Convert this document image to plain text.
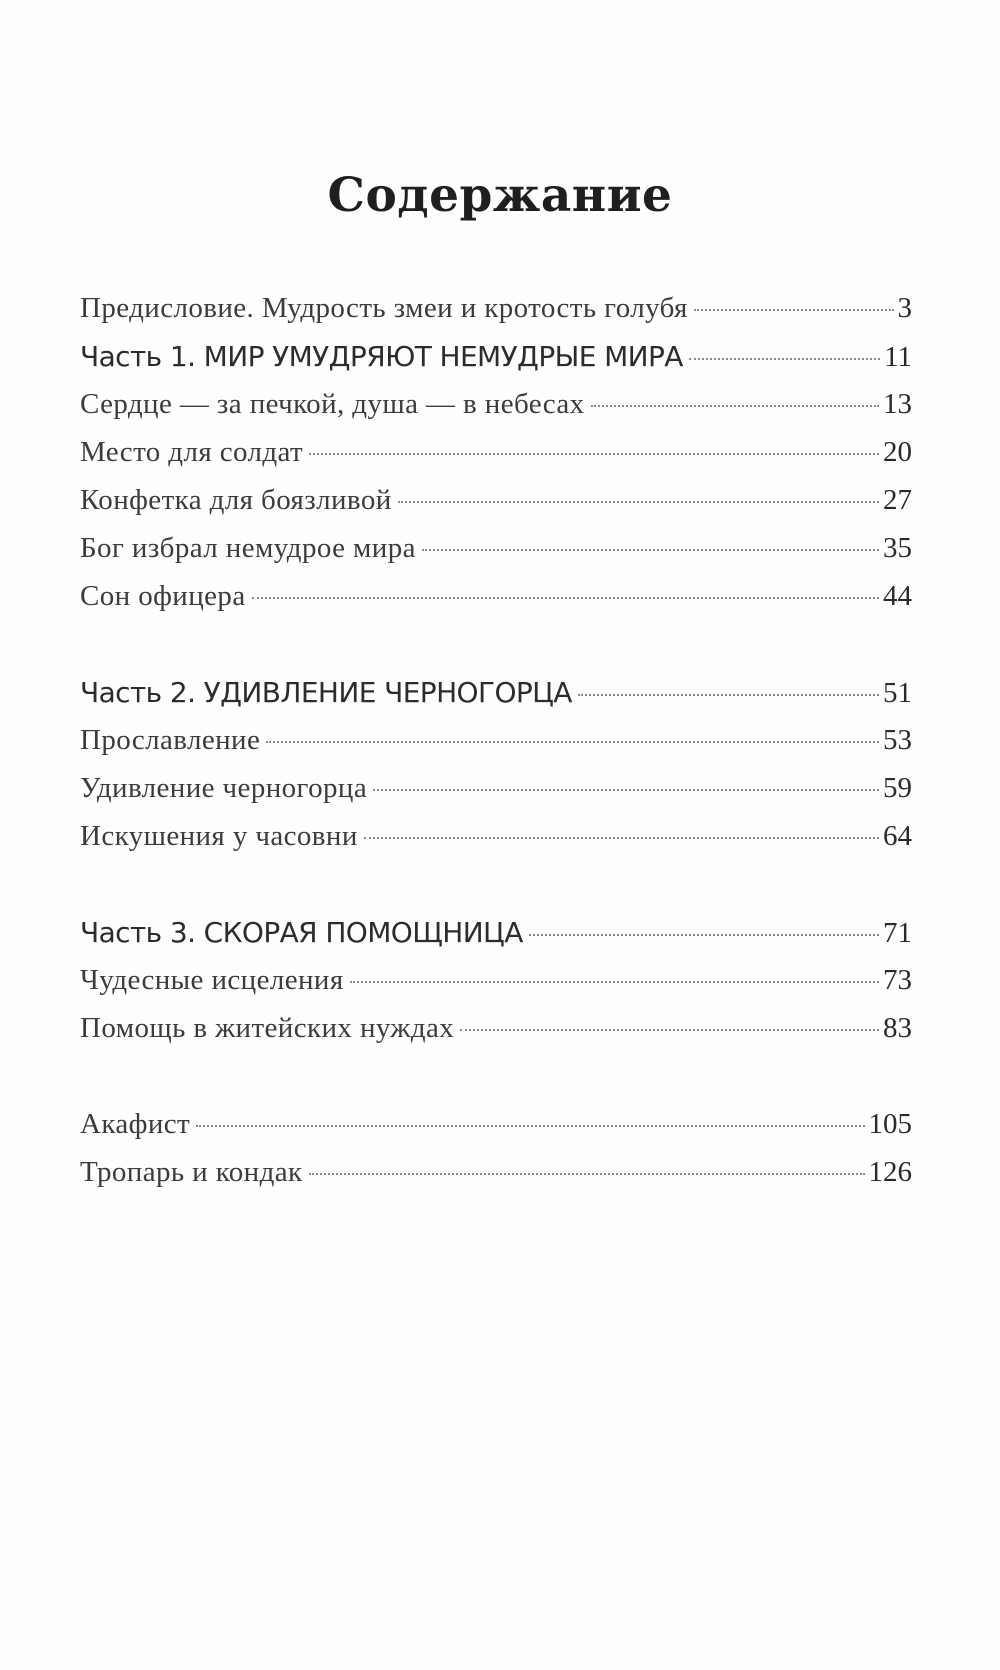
Содержание
Предисловие. Мудрость змеи и кротость голубя	3
Часть 1. МИР УМУДРЯЮТ НЕМУДРЫЕ МИРА	11
Сердце — за печкой, душа — в небесах	13
Место для солдат	20
Конфетка для боязливой	27
Бог избрал немудрое мира	35
Сон офицера	44
Часть 2. УДИВЛЕНИЕ ЧЕРНОГОРЦА	51
Прославление	53
Удивление черногорца	59
Искушения у часовни	64
Часть 3. СКОРАЯ ПОМОЩНИЦА	71
Чудесные исцеления	73
Помощь в житейских нуждах	83
Акафист	105
Тропарь и кондак	126
